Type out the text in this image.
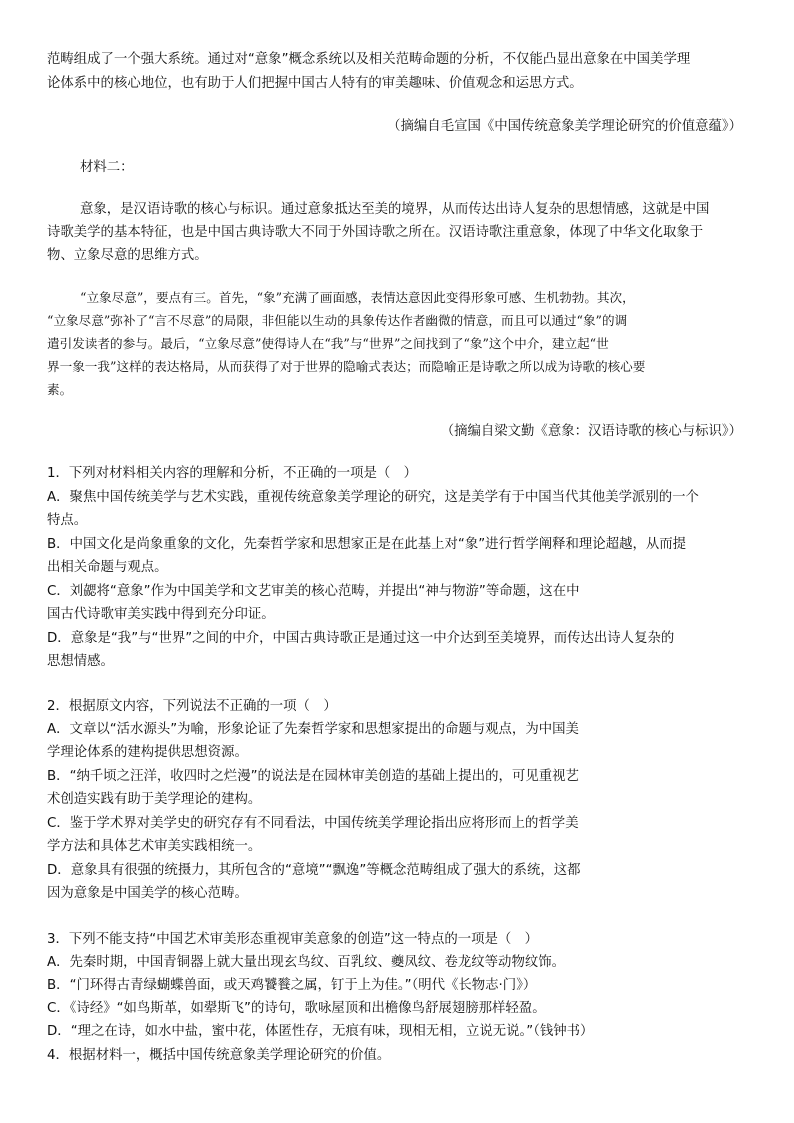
范畴组成了一个强大系统。通过对“意象”概念系统以及相关范畴命题的分析，不仅能凸显出意象在中国美学理
论体系中的核心地位，也有助于人们把握中国古人特有的审美趣味、价值观念和运思方式。
（摘编自毛宣国《中国传统意象美学理论研究的价值意蕴》）
材料二：
意象，是汉语诗歌的核心与标识。通过意象抵达至美的境界，从而传达出诗人复杂的思想情感，这就是中国
诗歌美学的基本特征，也是中国古典诗歌大不同于外国诗歌之所在。汉语诗歌注重意象，体现了中华文化取象于
物、立象尽意的思维方式。
“立象尽意”，要点有三。首先，“象”充满了画面感，表情达意因此变得形象可感、生机勃勃。其次，
“立象尽意”弥补了“言不尽意”的局限，非但能以生动的具象传达作者幽微的情意，而且可以通过“象”的调
遣引发读者的参与。最后，“立象尽意”使得诗人在“我”与“世界”之间找到了“象”这个中介，建立起“世
界一象一我”这样的表达格局，从而获得了对于世界的隐喻式表达；而隐喻正是诗歌之所以成为诗歌的核心要
素。
（摘编自梁文勤《意象：汉语诗歌的核心与标识》）
1．下列对材料相关内容的理解和分析，不正确的一项是（　）
A．聚焦中国传统美学与艺术实践，重视传统意象美学理论的研究，这是美学有于中国当代其他美学派别的一个
特点。
B．中国文化是尚象重象的文化，先秦哲学家和思想家正是在此基上对“象”进行哲学阐释和理论超越，从而提
出相关命题与观点。
C．刘勰将“意象”作为中国美学和文艺审美的核心范畴，并提出“神与物游”等命题，这在中
国古代诗歌审美实践中得到充分印证。
D．意象是“我”与“世界”之间的中介，中国古典诗歌正是通过这一中介达到至美境界，而传达出诗人复杂的
思想情感。
2．根据原文内容，下列说法不正确的一项（　）
A．文章以“活水源头”为喻，形象论证了先秦哲学家和思想家提出的命题与观点，为中国美
学理论体系的建构提供思想资源。
B．“纳千顷之汪洋，收四时之烂漫”的说法是在园林审美创造的基础上提出的，可见重视艺
术创造实践有助于美学理论的建构。
C．鉴于学术界对美学史的研究存有不同看法，中国传统美学理论指出应将形而上的哲学美
学方法和具体艺术审美实践相统一。
D．意象具有很强的统摄力，其所包含的“意境”“飘逸”等概念范畴组成了强大的系统，这都
因为意象是中国美学的核心范畴。
3．下列不能支持“中国艺术审美形态重视审美意象的创造”这一特点的一项是（　）
A．先秦时期，中国青铜器上就大量出现玄鸟纹、百乳纹、夔凤纹、卷龙纹等动物纹饰。
B．“门环得古青绿蝴蝶兽面，或天鸡饕餮之属，钉于上为佳。”（明代《长物志·门》）
C．《诗经》“如鸟斯革，如翚斯飞”的诗句，歌咏屋顶和出檐像鸟舒展翅膀那样轻盈。
D．“理之在诗，如水中盐，蜜中花，体匿性存，无痕有味，现相无相，立说无说。”（钱钟书）
4．根据材料一，概括中国传统意象美学理论研究的价值。
